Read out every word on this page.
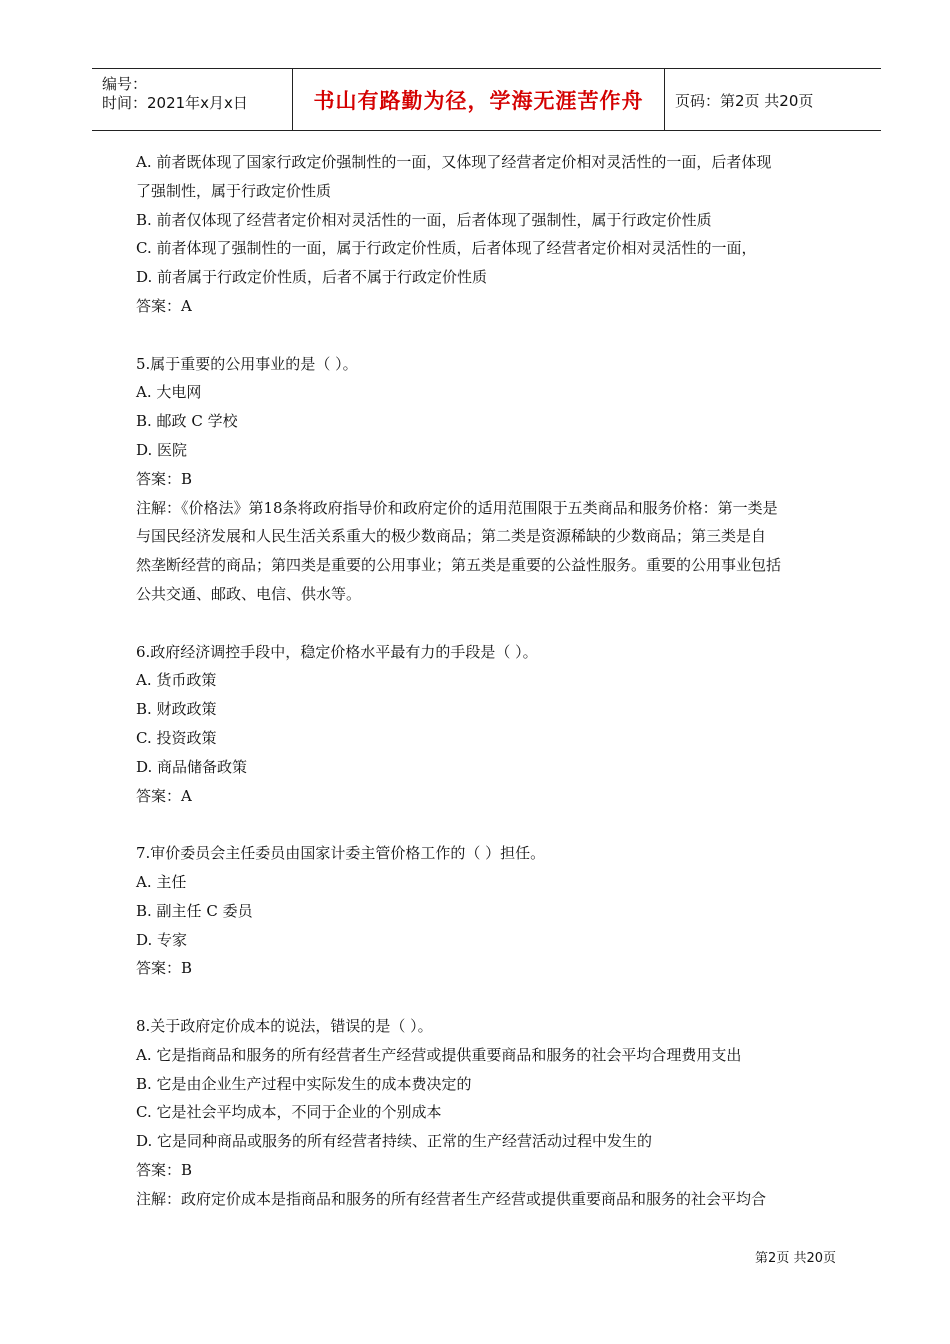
编号：
时间：2021年x月x日	书山有路勤为径，学海无涯苦作舟	页码：第2页 共20页
A. 前者既体现了国家行政定价强制性的一面，又体现了经营者定价相对灵活性的一面，后者体现
了强制性，属于行政定价性质
B. 前者仅体现了经营者定价相对灵活性的一面，后者体现了强制性，属于行政定价性质
C. 前者体现了强制性的一面，属于行政定价性质，后者体现了经营者定价相对灵活性的一面，
D. 前者属于行政定价性质，后者不属于行政定价性质
答案：A
5.属于重要的公用事业的是（ ）。
A. 大电网
B. 邮政 C 学校
D. 医院
答案：B
注解：《价格法》第18条将政府指导价和政府定价的适用范围限于五类商品和服务价格：第一类是
与国民经济发展和人民生活关系重大的极少数商品；第二类是资源稀缺的少数商品；第三类是自
然垄断经营的商品；第四类是重要的公用事业；第五类是重要的公益性服务。重要的公用事业包括
公共交通、邮政、电信、供水等。
6.政府经济调控手段中，稳定价格水平最有力的手段是（ ）。
A. 货币政策
B. 财政政策
C. 投资政策
D. 商品储备政策
答案：A
7.审价委员会主任委员由国家计委主管价格工作的（ ）担任。
A. 主任
B. 副主任 C 委员
D. 专家
答案：B
8.关于政府定价成本的说法，错误的是（ ）。
A. 它是指商品和服务的所有经营者生产经营或提供重要商品和服务的社会平均合理费用支出
B. 它是由企业生产过程中实际发生的成本费决定的
C. 它是社会平均成本，不同于企业的个别成本
D. 它是同种商品或服务的所有经营者持续、正常的生产经营活动过程中发生的
答案：B
注解：政府定价成本是指商品和服务的所有经营者生产经营或提供重要商品和服务的社会平均合
第2页 共20页
